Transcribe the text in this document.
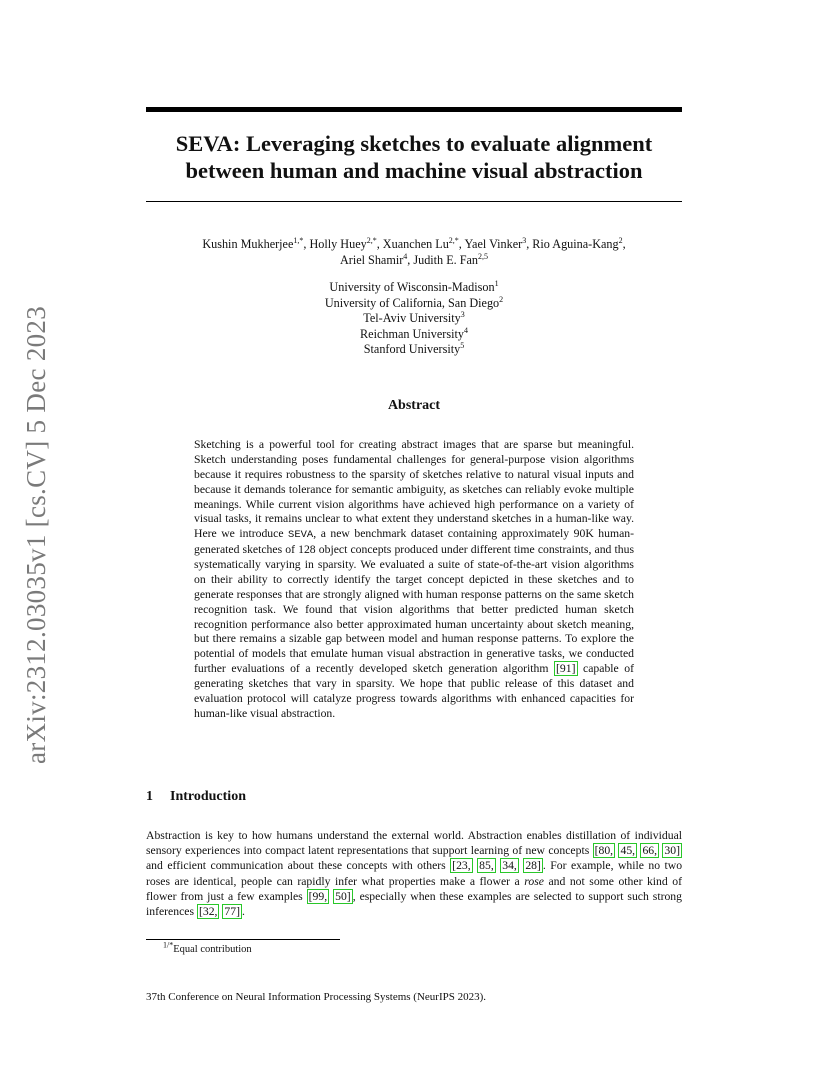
arXiv:2312.03035v1 [cs.CV] 5 Dec 2023
SEVA: Leveraging sketches to evaluate alignment
between human and machine visual abstraction

Kushin Mukherjee$^{1,*}$, Holly Huey$^{2,*}$, Xuanchen $Lu^{2,*}$, Yael Vinker$^3$, Rio Aguina-Kang$^2$,

Ariel Shamir$^4$, Judith E. Fan$^{2,5}$

University of Wisconsin-Madison$^1$
University of California, San Diego$^2$
Tel-Aviv University$^3$
Reichman University$^4$
Stanford University$^5$
Abstract

Sketching is a powerful tool for creating abstract images that are sparse but meaningful. Sketch understanding poses fundamental challenges for general-purpose vision algorithms because it requires robustness to the sparsity of sketches relative to natural visual inputs and because it demands tolerance for semantic ambiguity, as sketches can reliably evoke multiple meanings. While current vision algorithms have achieved high performance on a variety of visual tasks, it remains unclear to what extent they understand sketches in a human-like way. Here we introduce SEVA, a new benchmark dataset containing approximately 90K human-generated sketches of 128 object concepts produced under different time constraints, and thus systematically varying in sparsity. We evaluated a suite of state-of-the-art vision algorithms on their ability to correctly identify the target concept depicted in these sketches and to generate responses that are strongly aligned with human response patterns on the same sketch recognition task. We found that vision algorithms that better predicted human sketch recognition performance also better approximated human uncertainty about sketch meaning, but there remains a sizable gap between model and human response patterns. To explore the potential of models that emulate human visual abstraction in generative tasks, we conducted further evaluations of a recently developed sketch generation algorithm [91] capable of generating sketches that vary in sparsity. We hope that public release of this dataset and evaluation protocol will catalyze progress towards algorithms with enhanced capacities for human-like visual abstraction.

1 Introduction

Abstraction is key to how humans understand the external world. Abstraction enables distillation of individual sensory experiences into compact latent representations that support learning of new concepts [80, 45, 66, 30] and efficient communication about these concepts with others [23, 85, 34, 28] . For example, while no two roses are identical, people can rapidly infer what properties make a flower a rose and not some other kind of flower from just a few examples [99, 50] , especially when these examples are selected to support such strong inferences [32, 77] .

$^{1/*}$Equal contribution

37th Conference on Neural Information Processing Systems (NeurIPS 2023).
